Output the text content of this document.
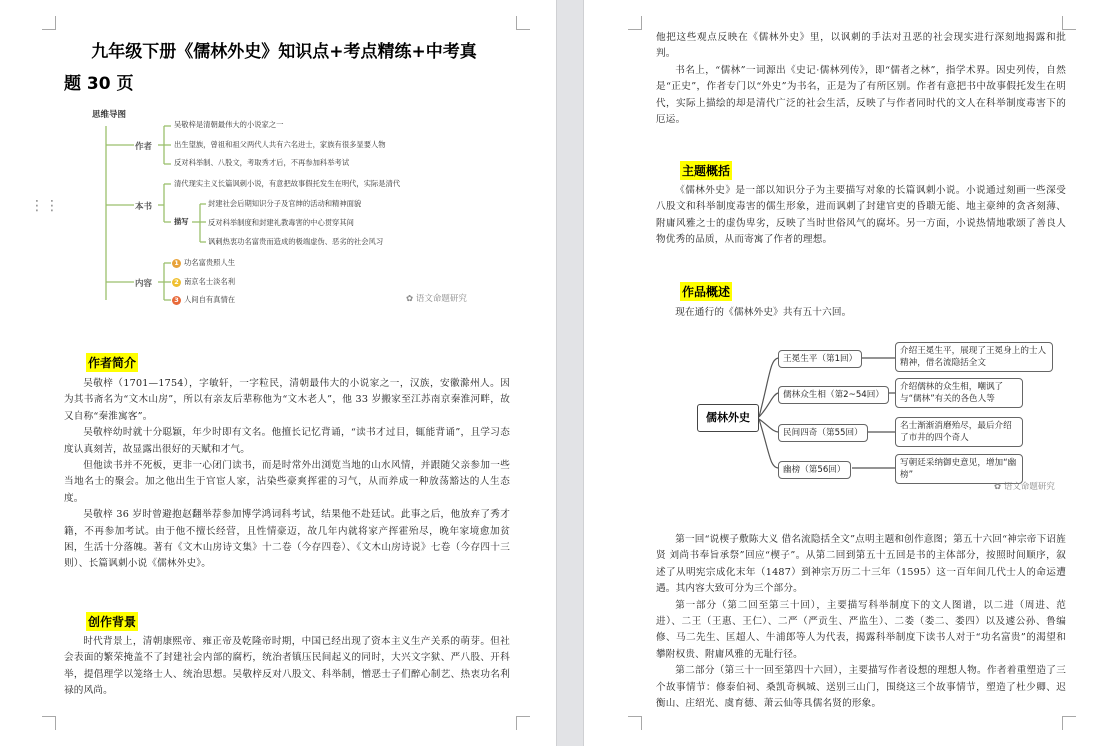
⋮⋮
九年级下册《儒林外史》知识点+考点精练+中考真
题 30 页
思维导图
作者
吴敬梓是清朝最伟大的小说家之一
出生望族，曾祖和祖父两代人共有六名进士，家族有很多显要人物
反对科举制、八股文，考取秀才后，不再参加科举考试
本书
清代现实主义长篇讽刺小说，有意把故事假托发生在明代，实际是清代
描写
封建社会后期知识分子及官绅的活动和精神面貌
反对科举制度和封建礼教毒害的中心贯穿其间
讽刺热衷功名富贵而造成的极端虚伪、恶劣的社会风习
内容
1 功名富贵照人生
2 南京名士淡名利
3 人间自有真情在	✿ 语文命题研究
作者简介

吴敬梓（1701—1754），字敏轩，一字粒民，清朝最伟大的小说家之一，汉族，安徽滁州人。因为其书斋名为“文木山房”，所以有亲友后辈称他为“文木老人”，他 33 岁搬家至江苏南京秦淮河畔，故又自称“秦淮寓客”。

吴敬梓幼时就十分聪颖，年少时即有文名。他擅长记忆背诵，“读书才过目，辄能背诵”，且学习态度认真刻苦，故显露出很好的天赋和才气。

但他读书并不死板，更非一心闭门读书，而是时常外出浏览当地的山水风情，并跟随父亲参加一些当地名士的聚会。加之他出生于官宦人家，沾染些豪爽挥霍的习气，从而养成一种放荡豁达的人生态度。

吴敬梓 36 岁时曾避抱赵翻举荐参加博学鸿词科考试，结果他不赴廷试。此事之后，他放弃了秀才籍，不再参加考试。由于他不擅长经营，且性情豪迈，故几年内就将家产挥霍殆尽，晚年家境愈加贫困，生活十分落魄。著有《文木山房诗文集》十二卷（今存四卷）、《文木山房诗说》七卷（今存四十三则）、长篇讽刺小说《儒林外史》。

创作背景

时代背景上，清朝康熙帝、雍正帝及乾隆帝时期，中国已经出现了资本主义生产关系的萌芽。但社会表面的繁荣掩盖不了封建社会内部的腐朽，统治者镇压民间起义的同时，大兴文字狱、严八股、开科举，提倡理学以笼络士人、统治思想。吴敬梓反对八股文、科举制，憎恶士子们醉心制艺、热衷功名利禄的风尚。

他把这些观点反映在《儒林外史》里，以讽刺的手法对丑恶的社会现实进行深刻地揭露和批判。

书名上，“儒林”一词源出《史记·儒林列传》，即“儒者之林”，指学术界。因史列传，自然是“正史”，作者专门以“外史”为书名，正是为了有所区别。作者有意把书中故事假托发生在明代，实际上描绘的却是清代广泛的社会生活，反映了与作者同时代的文人在科举制度毒害下的厄运。

主题概括

《儒林外史》是一部以知识分子为主要描写对象的长篇讽刺小说。小说通过刻画一些深受八股文和科举制度毒害的儒生形象，进而讽刺了封建官吏的昏聩无能、地主豪绅的贪吝刻薄、附庸风雅之士的虚伪卑劣，反映了当时世俗风气的腐坏。另一方面，小说热情地歌颂了善良人物优秀的品质，从而寄寓了作者的理想。

作品概述

现在通行的《儒林外史》共有五十六回。

第一回“说楔子敷陈大义 借名流隐括全文”点明主题和创作意图；第五十六回“神宗帝下诏旌贤 刘尚书奉旨承祭”回应“楔子”。从第二回到第五十五回是书的主体部分，按照时间顺序，叙述了从明宪宗成化末年（1487）到神宗万历二十三年（1595）这一百年间几代士人的命运遭遇。其内容大致可分为三个部分。

第一部分（第二回至第三十回），主要描写科举制度下的文人图谱，以二进（周进、范进）、二王（王惠、王仁）、二严（严贡生、严监生）、二娄（娄二、娄四）以及遽公孙、鲁编修、马二先生、匡超人、牛浦郎等人为代表，揭露科举制度下读书人对于“功名富贵”的渴望和攀附权贵、附庸风雅的无耻行径。

第二部分（第三十一回至第四十六回），主要描写作者设想的理想人物。作者着重塑造了三个故事情节：修泰伯祠、桑凯奇枫城、送别三山门，围绕这三个故事情节，塑造了杜少卿、迟衡山、庄绍光、虞育德、萧云仙等具儒名贤的形象。

儒林外史
王冕生平（第1回）
儒林众生相（第2~54回）
民间四奇（第55回）
幽榜（第56回）
介绍王冕生平，展现了王冕身上的士人精神，借名流隐括全文
介绍儒林的众生相，嘲讽了与“儒林”有关的各色人等
名士渐渐消磨殆尽，最后介绍了市井的四个奇人
写朝廷采纳御史意见，增加“幽榜”
✿ 语文命题研究
